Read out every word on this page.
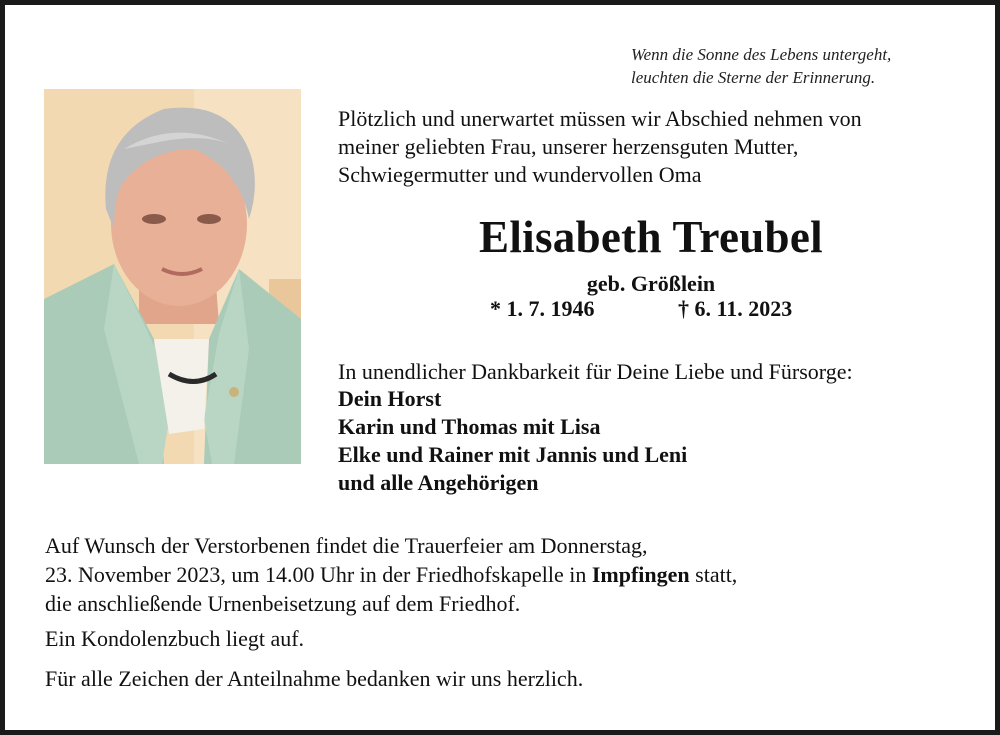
Wenn die Sonne des Lebens untergeht,
leuchten die Sterne der Erinnerung.
Plötzlich und unerwartet müssen wir Abschied nehmen von
meiner geliebten Frau, unserer herzensguten Mutter,
Schwiegermutter und wundervollen Oma
Elisabeth Treubel
geb. Größlein
* 1. 7. 1946	† 6. 11. 2023
In unendlicher Dankbarkeit für Deine Liebe und Fürsorge:
Dein Horst
Karin und Thomas mit Lisa
Elke und Rainer mit Jannis und Leni
und alle Angehörigen
Auf Wunsch der Verstorbenen findet die Trauerfeier am Donnerstag,
23. November 2023, um 14.00 Uhr in der Friedhofskapelle in Impfingen statt,
die anschließende Urnenbeisetzung auf dem Friedhof.
Ein Kondolenzbuch liegt auf.
Für alle Zeichen der Anteilnahme bedanken wir uns herzlich.
